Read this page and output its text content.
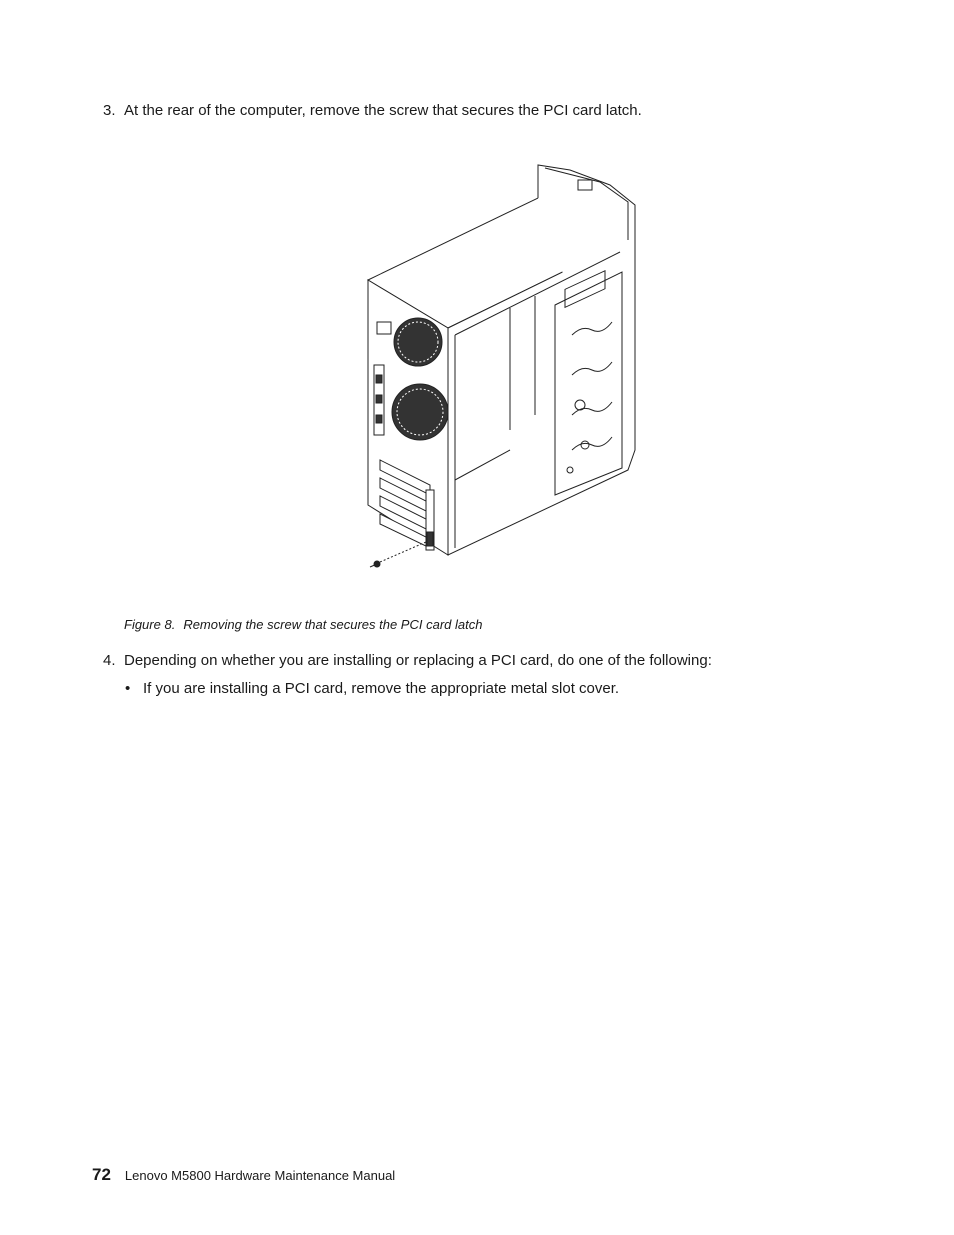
3. At the rear of the computer, remove the screw that secures the PCI card latch.
Figure 8. Removing the screw that secures the PCI card latch
4. Depending on whether you are installing or replacing a PCI card, do one of the following:
• If you are installing a PCI card, remove the appropriate metal slot cover.
72 Lenovo M5800 Hardware Maintenance Manual
